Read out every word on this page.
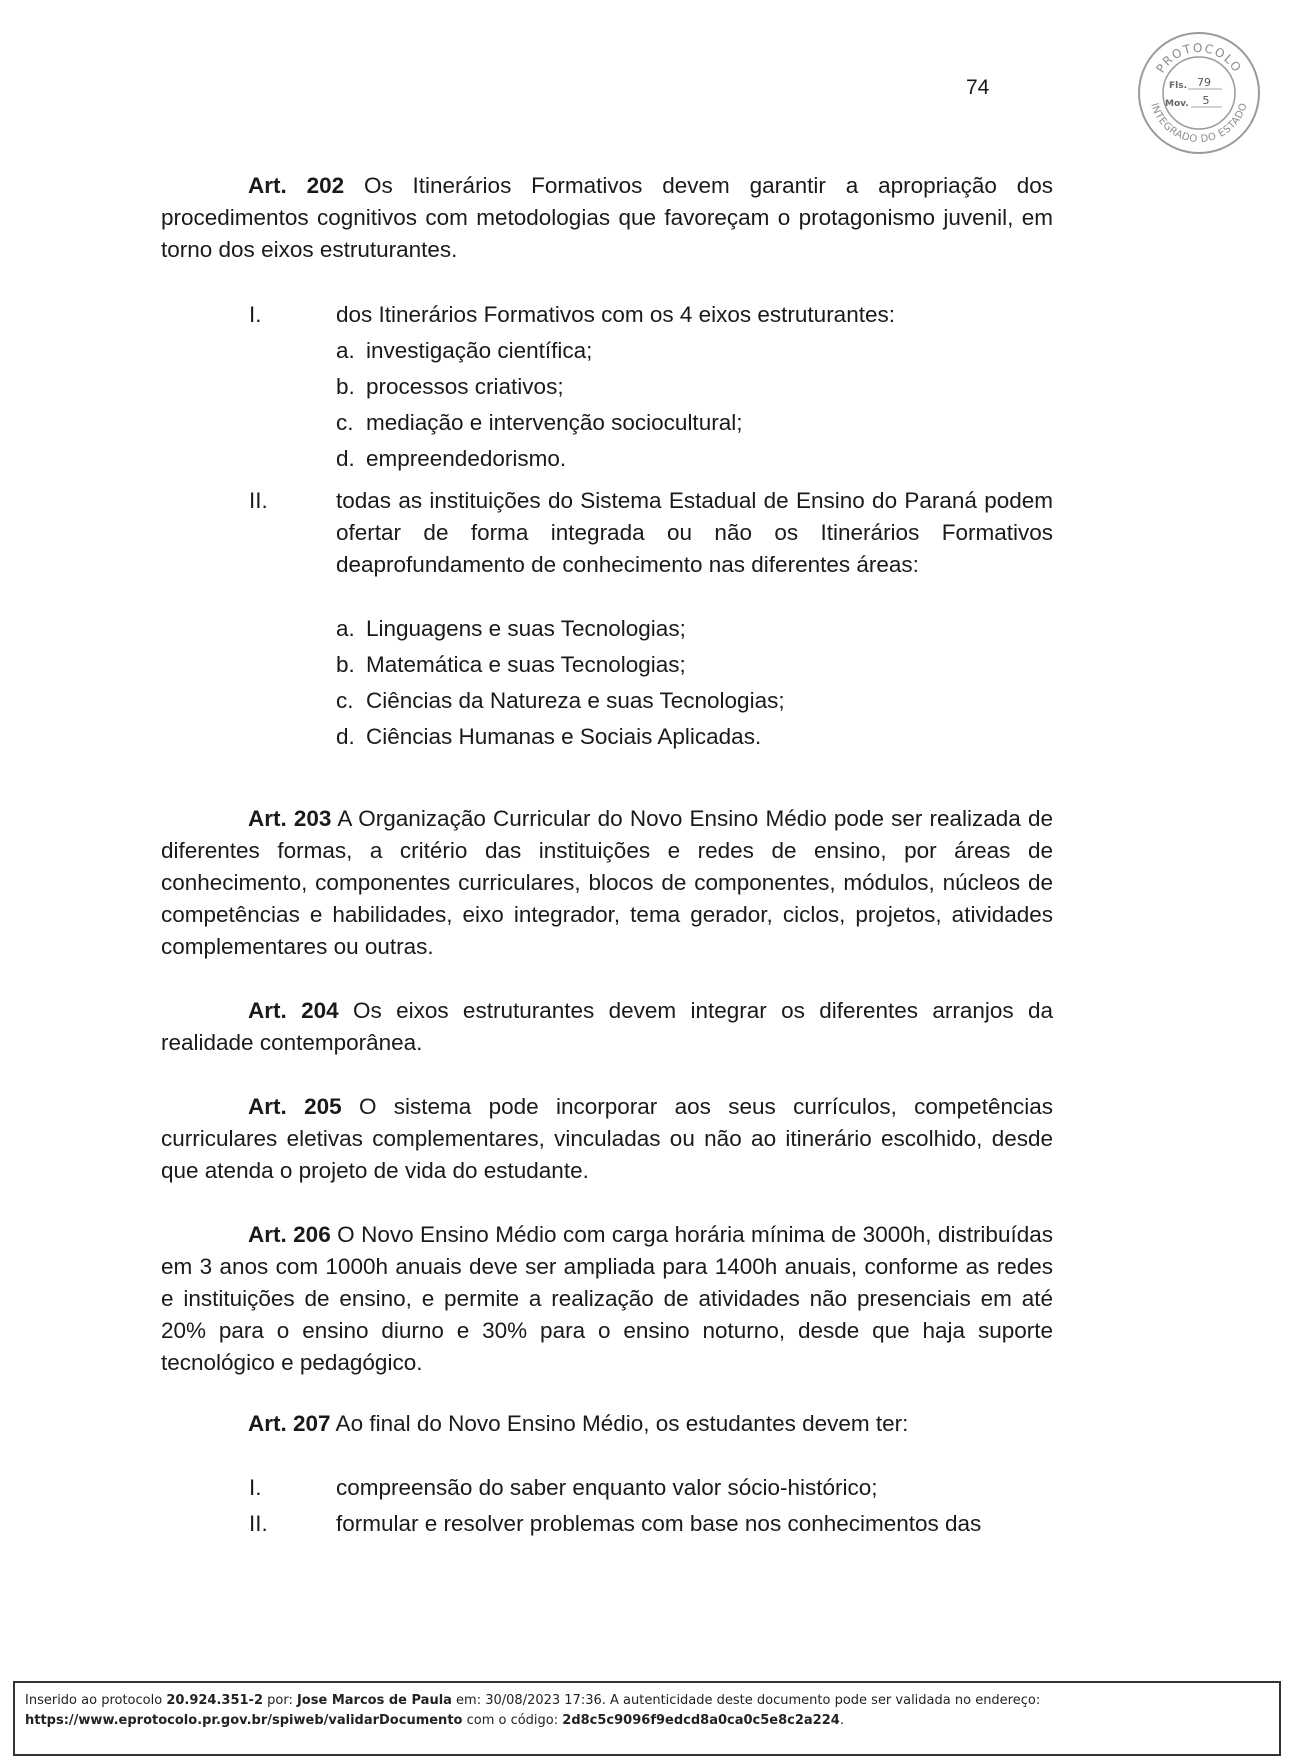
74
PROTOCOLO
INTEGRADO DO ESTADO
Fls. 79
Mov. 5
Art. 202 Os Itinerários Formativos devem garantir a apropriação dos procedimentos cognitivos com metodologias que favoreçam o protagonismo juvenil, em torno dos eixos estruturantes.
I.	dos Itinerários Formativos com os 4 eixos estruturantes:
a. investigação científica;
b. processos criativos;
c. mediação e intervenção sociocultural;
d. empreendedorismo.
II.	todas as instituições do Sistema Estadual de Ensino do Paraná podem ofertar de forma integrada ou não os Itinerários Formativos deaprofundamento de conhecimento nas diferentes áreas:
a. Linguagens e suas Tecnologias;
b. Matemática e suas Tecnologias;
c. Ciências da Natureza e suas Tecnologias;
d. Ciências Humanas e Sociais Aplicadas.
Art. 203 A Organização Curricular do Novo Ensino Médio pode ser realizada de diferentes formas, a critério das instituições e redes de ensino, por áreas de conhecimento, componentes curriculares, blocos de componentes, módulos, núcleos de competências e habilidades, eixo integrador, tema gerador, ciclos, projetos, atividades complementares ou outras.
Art. 204 Os eixos estruturantes devem integrar os diferentes arranjos da realidade contemporânea.
Art. 205 O sistema pode incorporar aos seus currículos, competências curriculares eletivas complementares, vinculadas ou não ao itinerário escolhido, desde que atenda o projeto de vida do estudante.
Art. 206 O Novo Ensino Médio com carga horária mínima de 3000h, distribuídas em 3 anos com 1000h anuais deve ser ampliada para 1400h anuais, conforme as redes e instituições de ensino, e permite a realização de atividades não presenciais em até 20% para o ensino diurno e 30% para o ensino noturno, desde que haja suporte tecnológico e pedagógico.
Art. 207 Ao final do Novo Ensino Médio, os estudantes devem ter:
I.	compreensão do saber enquanto valor sócio-histórico;
II.	formular e resolver problemas com base nos conhecimentos das
Inserido ao protocolo 20.924.351-2 por: Jose Marcos de Paula em: 30/08/2023 17:36. A autenticidade deste documento pode ser validada no endereço:
https://www.eprotocolo.pr.gov.br/spiweb/validarDocumento com o código: 2d8c5c9096f9edcd8a0ca0c5e8c2a224.
